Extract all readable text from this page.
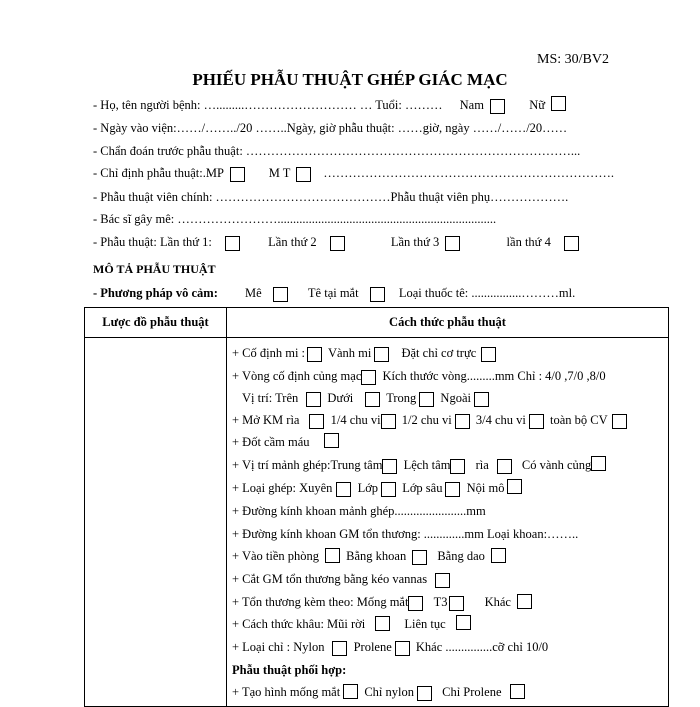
MS: 30/BV2
PHIẾU PHẪU THUẬT GHÉP GIÁC MẠC
- Họ, tên người bệnh: ….........……………………… … Tuổi: ……… Nam	Nữ
- Ngày vào viện:……/……../20 ……..Ngày, giờ phẫu thuật: ……giờ, ngày ……/……/20……
- Chẩn đoán trước phẫu thuật: ……………………………………………………………………...
- Chỉ định phẫu thuật:.MP	M T	…………………………………………………………….
- Phẫu thuật viên chính: ……………………………………Phẫu thuật viên phụ……………….
- Bác sĩ gây mê: ……………………......................................................................
- Phẫu thuật: Lần thứ 1:	Lần thứ 2	Lần thứ 3	lần thứ 4
MÔ TẢ PHẪU THUẬT
- Phương pháp vô cảm: Mê	Tê tại mắt	Loại thuốc tê: ................………ml.
Lược đồ phẫu thuật	Cách thức phẫu thuật
+ Cố định mi : Vành mi Đặt chỉ cơ trực
+ Vòng cố định củng mạc Kích thước vòng.........mm Chỉ : 4/0 ,7/0 ,8/0
Vị trí: Trên Dưới	Trong Ngoài
+ Mở KM rìa 1/4 chu vi 1/2 chu vi 3/4 chu vi toàn bộ CV
+ Đốt cầm máu
+ Vị trí mảnh ghép:Trung tâm Lệch tâm rìa	Có vành củng
+ Loại ghép: Xuyên Lớp Lớp sâu Nội mô
+ Đường kính khoan mảnh ghép.......................mm
+ Đường kính khoan GM tổn thương: .............mm Loại khoan:……..
+ Vào tiền phòng Bằng khoan Bằng dao
+ Cắt GM tổn thương bằng kéo vannas
+ Tổn thương kèm theo: Mống mắt T3	Khác
+ Cách thức khâu: Mũi rời	Liên tục
+ Loại chỉ : Nylon Prolene Khác ...............cỡ chỉ 10/0
Phẫu thuật phối hợp:
+ Tạo hình mống mắt Chỉ nylon Chỉ Prolene
